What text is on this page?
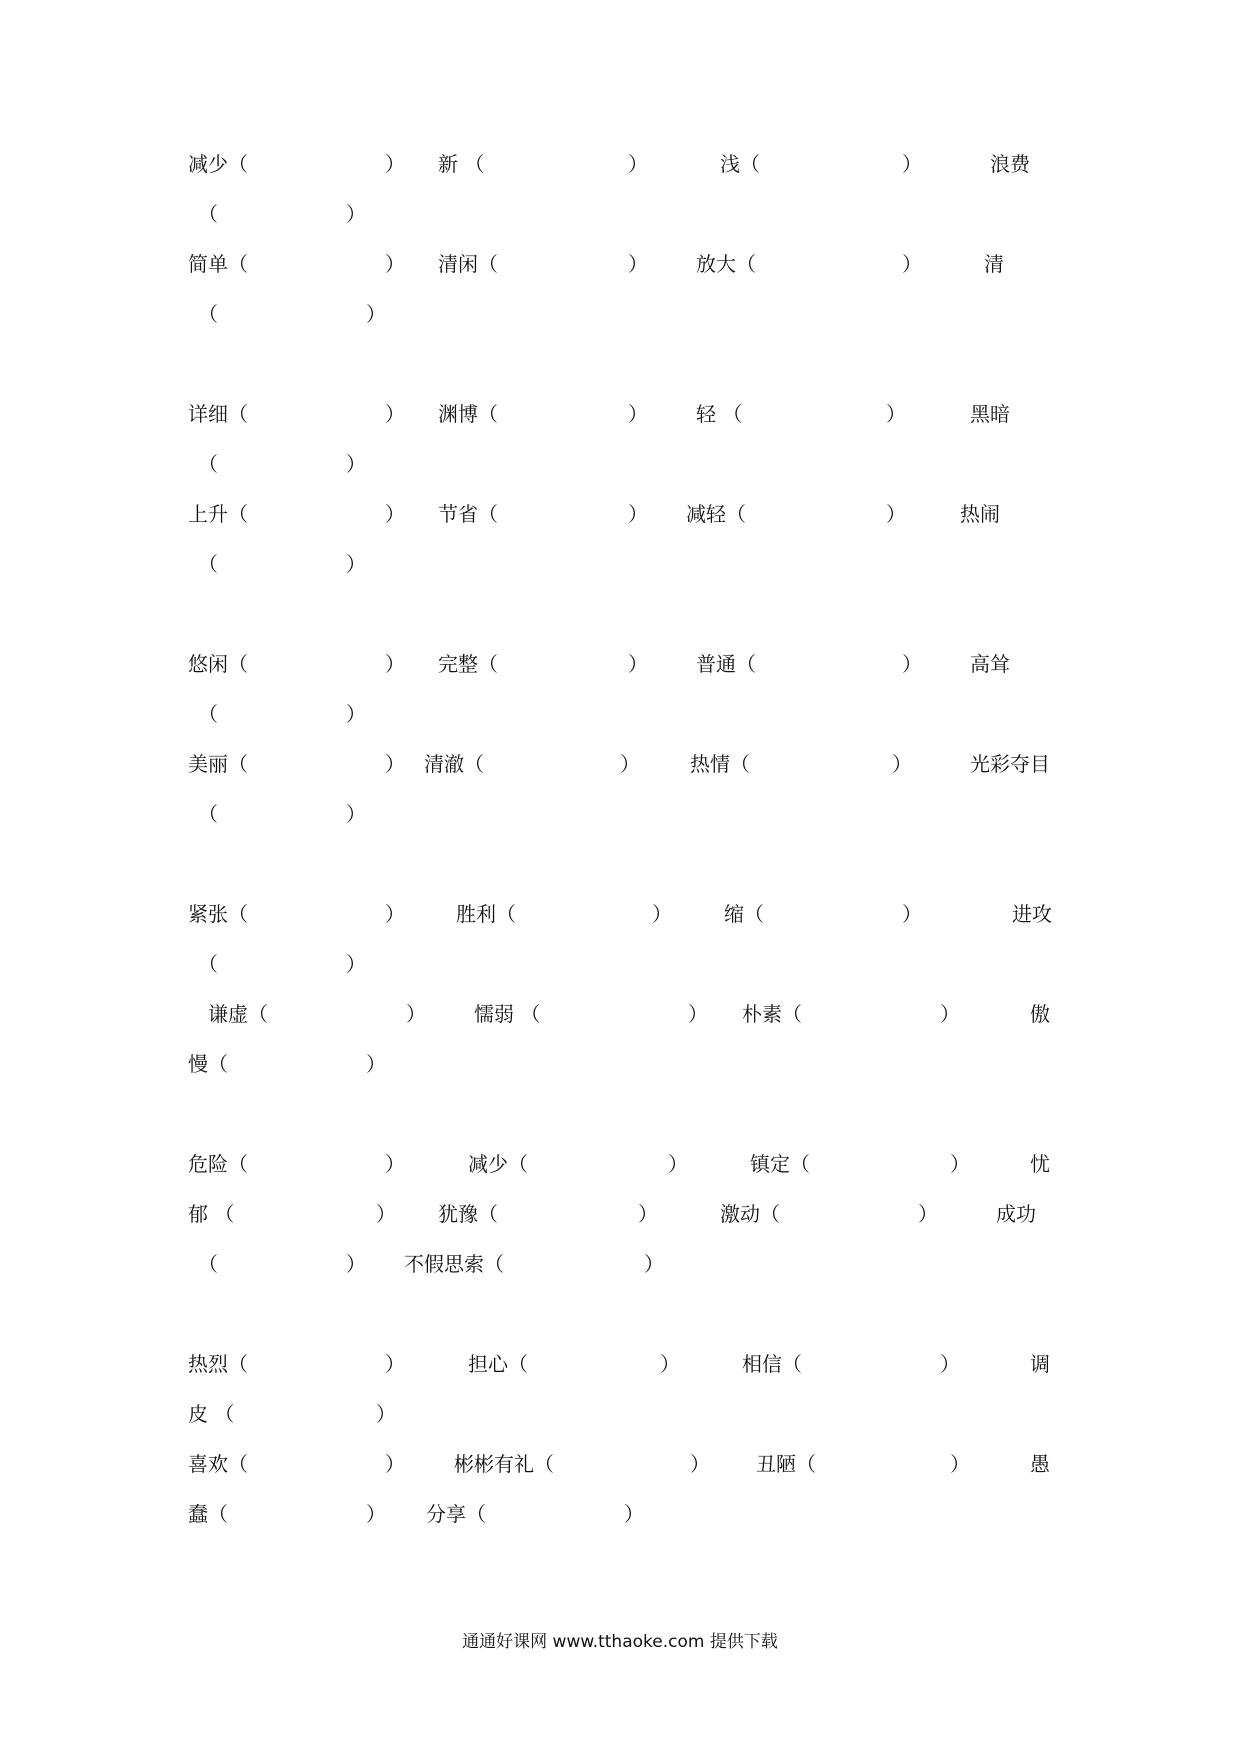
减少（	） 新 （	）	浅（	）	浪费
（	）
简单（	） 清闲（	） 放大（	）	清
（	）
详细（	） 渊博（	） 轻 （	）	黑暗
（	）
上升（	） 节省（	） 减轻（	）	热闹
（	）
悠闲（	） 完整（	） 普通（	） 高耸
（	）
美丽（	） 清澈（	）	热情（	）	光彩夺目
（	）
紧张（	）	胜利（	）	缩（	）	进攻
（	）
谦虚（	） 懦弱 （	） 朴素（	）	傲
慢（	）
危险（	）	减少（	）	镇定（	）	忧
郁 （	） 犹豫（	）	激动（	）	成功
（	） 不假思索（	）
热烈（	）	担心（	）	相信（	）	调
皮 （	）
喜欢（	） 彬彬有礼（	） 丑陋（	）	愚
蠢（	） 分享（	）
通通好课网 www.tthaoke.com 提供下载
